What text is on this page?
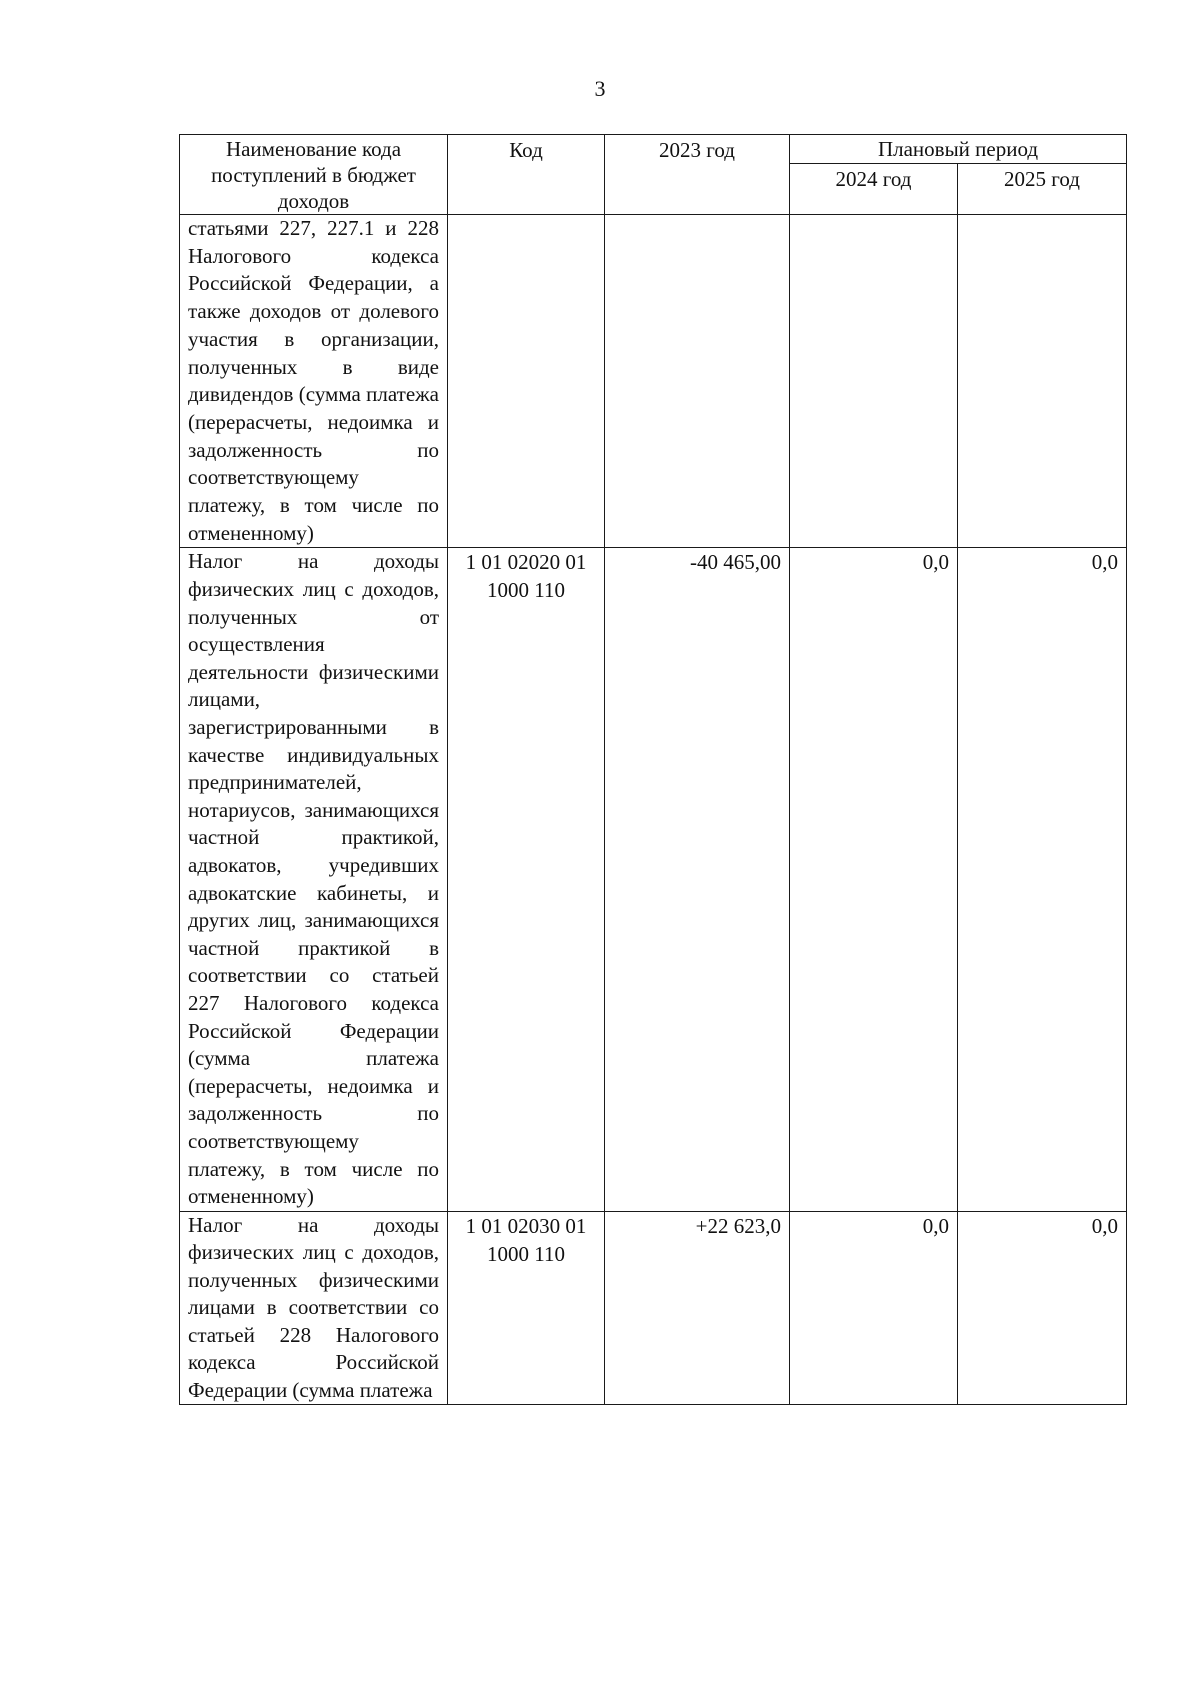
3
Наименование кода поступлений в бюджет доходов	Код	2023 год	Плановый период	
			2024 год	2025 год
статьями 227, 227.1 и 228 Налогового кодекса Российской Федерации, а также доходов от долевого участия в организации, полученных в виде дивидендов (сумма платежа (перерасчеты, недоимка и задолженность по соответствующему платежу, в том числе по отмененному)				
Налог на доходы физических лиц с доходов, полученных от осуществления деятельности физическими лицами, зарегистрированными в качестве индивидуальных предпринимателей, нотариусов, занимающихся частной практикой, адвокатов, учредивших адвокатские кабинеты, и других лиц, занимающихся частной практикой в соответствии со статьей 227 Налогового кодекса Российской Федерации (сумма платежа (перерасчеты, недоимка и задолженность по соответствующему платежу, в том числе по отмененному)	1 01 02020 01 1000 110	-40 465,00	0,0	0,0
Налог на доходы физических лиц с доходов, полученных физическими лицами в соответствии со статьей 228 Налогового кодекса Российской Федерации (сумма платежа	1 01 02030 01 1000 110	+22 623,0	0,0	0,0
